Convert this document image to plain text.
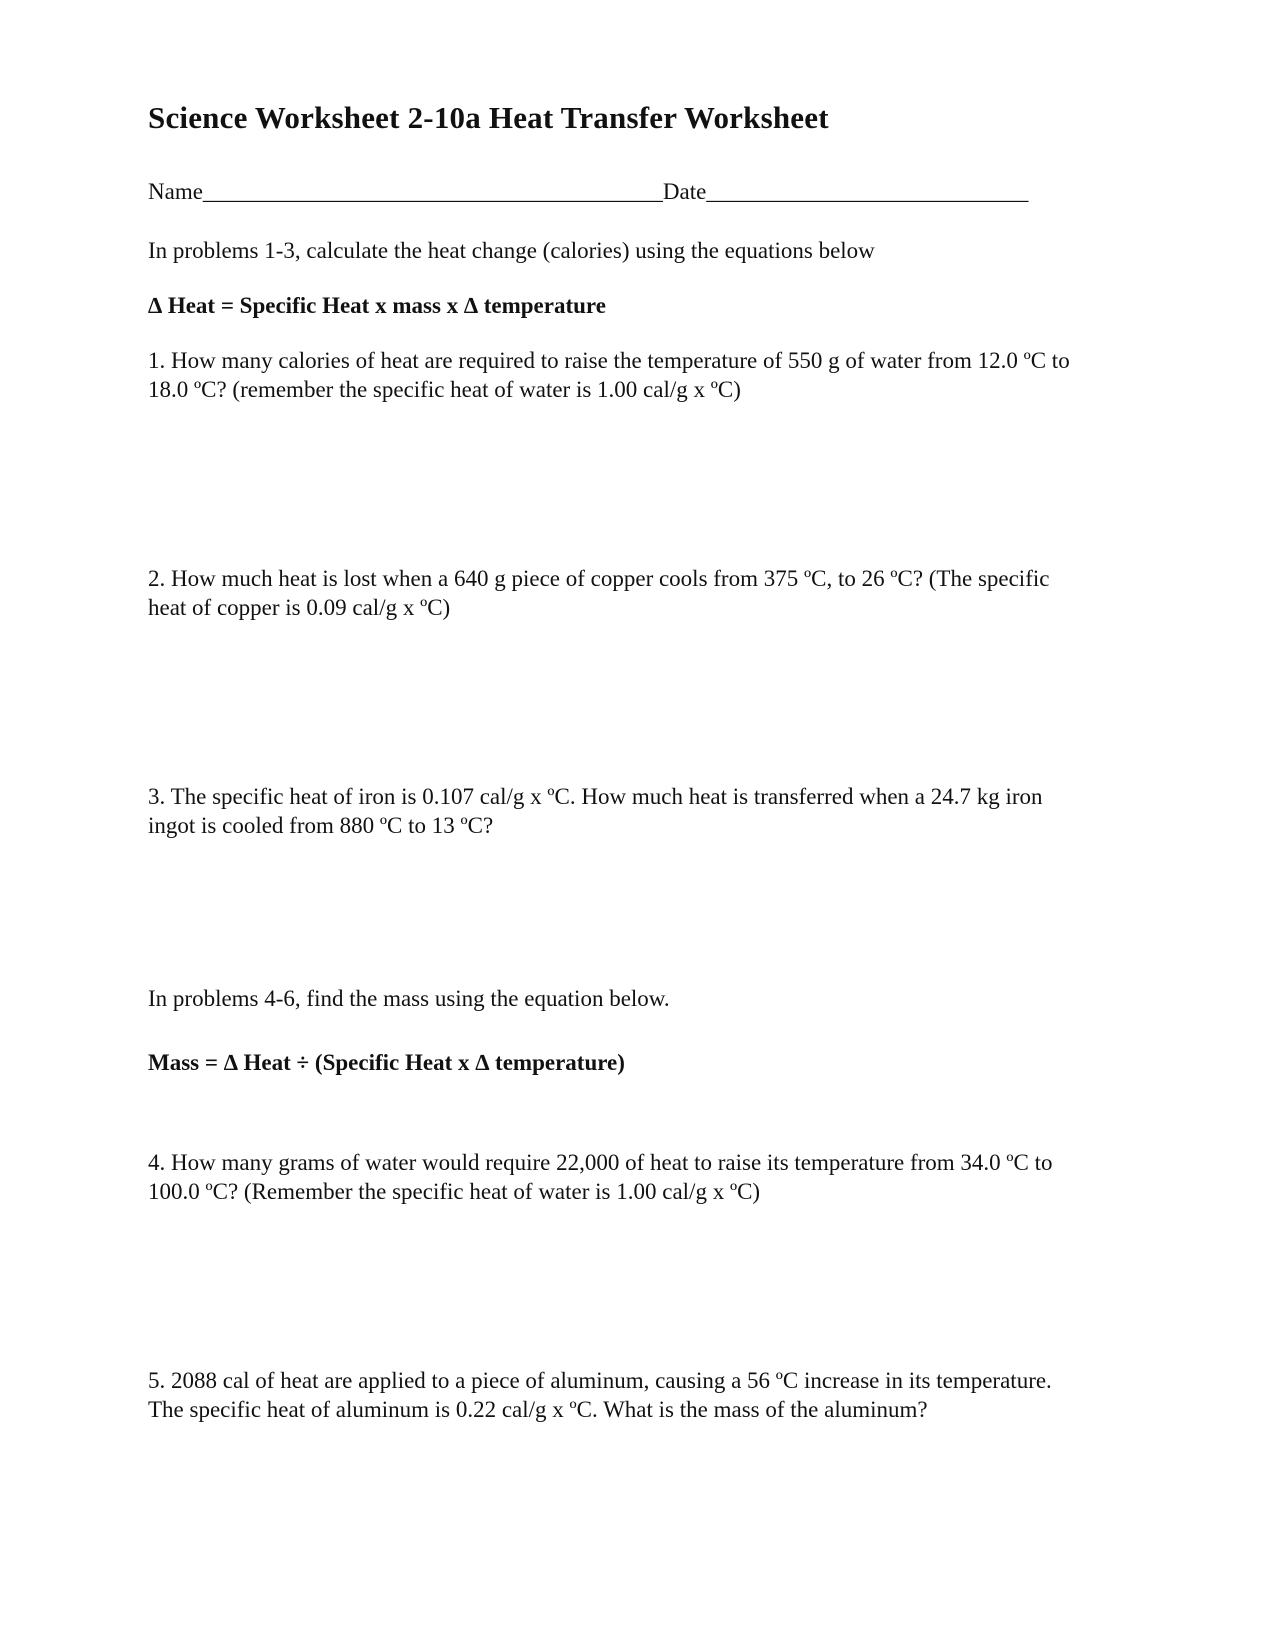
Science Worksheet 2-10a Heat Transfer Worksheet
Name________________________________________Date____________________________
In problems 1-3, calculate the heat change (calories) using the equations below
∆ Heat = Specific Heat x mass x ∆ temperature
1. How many calories of heat are required to raise the temperature of 550 g of water from 12.0 ºC to
18.0 ºC? (remember the specific heat of water is 1.00 cal/g x ºC)
2. How much heat is lost when a 640 g piece of copper cools from 375 ºC, to 26 ºC? (The specific
heat of copper is 0.09 cal/g x ºC)
3. The specific heat of iron is 0.107 cal/g x ºC. How much heat is transferred when a 24.7 kg iron
ingot is cooled from 880 ºC to 13 ºC?
In problems 4-6, find the mass using the equation below.
Mass = ∆ Heat ÷ (Specific Heat x ∆ temperature)
4. How many grams of water would require 22,000 of heat to raise its temperature from 34.0 ºC to
100.0 ºC? (Remember the specific heat of water is 1.00 cal/g x ºC)
5. 2088 cal of heat are applied to a piece of aluminum, causing a 56 ºC increase in its temperature.
The specific heat of aluminum is 0.22 cal/g x ºC. What is the mass of the aluminum?
